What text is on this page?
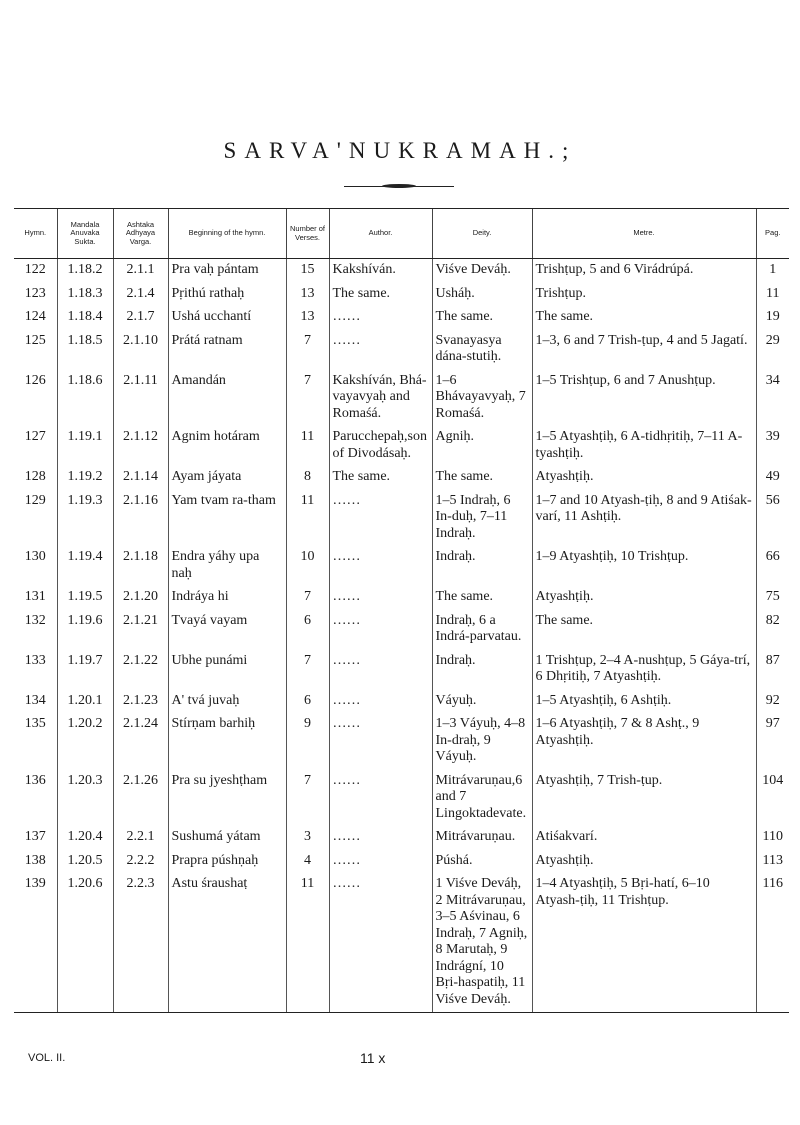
SARVA'NUKRAMAH.;
Hymn.	Mandala Anuvaka Sukta.	Ashtaka Adhyaya Varga.	Beginning of the hymn.	Number of Verses.	Author.	Deity.	Metre.	Pag.
122	1.18.2	2.1.1	Pra vaḥ pántam	15	Kakshíván.	Viśve Deváḥ.	Trishṭup, 5 and 6 Virádrúpá.	1
123	1.18.3	2.1.4	Pṛithú rathaḥ	13	The same.	Usháḥ.	Trishṭup.	11
124	1.18.4	2.1.7	Ushá ucchantí	13	……	The same.	The same.	19
125	1.18.5	2.1.10	Prátá ratnam	7	……	Svanayasya dána-stutiḥ.	1–3, 6 and 7 Trish-ṭup, 4 and 5 Jagatí.	29
126	1.18.6	2.1.11	Amandán	7	Kakshíván, Bhá-vayavyaḥ and Romaśá.	1–6 Bhávayavyaḥ, 7 Romaśá.	1–5 Trishṭup, 6 and 7 Anushṭup.	34
127	1.19.1	2.1.12	Agnim hotáram	11	Parucchepaḥ,son of Divodásaḥ.	Agniḥ.	1–5 Atyashṭiḥ, 6 A-tidhṛitiḥ, 7–11 A-tyashṭiḥ.	39
128	1.19.2	2.1.14	Ayam jáyata	8	The same.	The same.	Atyashṭiḥ.	49
129	1.19.3	2.1.16	Yam tvam ra-tham	11	……	1–5 Indraḥ, 6 In-duḥ, 7–11 Indraḥ.	1–7 and 10 Atyash-ṭiḥ, 8 and 9 Atiśak-varí, 11 Ashṭiḥ.	56
130	1.19.4	2.1.18	Endra yáhy upa naḥ	10	……	Indraḥ.	1–9 Atyashṭiḥ, 10 Trishṭup.	66
131	1.19.5	2.1.20	Indráya hi	7	……	The same.	Atyashṭiḥ.	75
132	1.19.6	2.1.21	Tvayá vayam	6	……	Indraḥ, 6 a Indrá-parvatau.	The same.	82
133	1.19.7	2.1.22	Ubhe punámi	7	……	Indraḥ.	1 Trishṭup, 2–4 A-nushṭup, 5 Gáya-trí, 6 Dhṛitiḥ, 7 Atyashṭiḥ.	87
134	1.20.1	2.1.23	A' tvá juvaḥ	6	……	Váyuḥ.	1–5 Atyashṭiḥ, 6 Ashṭiḥ.	92
135	1.20.2	2.1.24	Stírṇam barhiḥ	9	……	1–3 Váyuḥ, 4–8 In-draḥ, 9 Váyuḥ.	1–6 Atyashṭiḥ, 7 & 8 Ashṭ., 9 Atyashṭiḥ.	97
136	1.20.3	2.1.26	Pra su jyeshṭham	7	……	Mitrávaruṇau,6 and 7 Lingoktadevate.	Atyashṭiḥ, 7 Trish-ṭup.	104
137	1.20.4	2.2.1	Sushumá yátam	3	……	Mitrávaruṇau.	Atiśakvarí.	110
138	1.20.5	2.2.2	Prapra púshṇaḥ	4	……	Púshá.	Atyashṭiḥ.	113
139	1.20.6	2.2.3	Astu śraushaṭ	11	……	1 Viśve Deváḥ, 2 Mitrávaruṇau, 3–5 Aśvinau, 6 Indraḥ, 7 Agniḥ, 8 Marutaḥ, 9 Indrágní, 10 Bṛi-haspatiḥ, 11 Viśve Deváḥ.	1–4 Atyashṭiḥ, 5 Bṛi-hatí, 6–10 Atyash-ṭiḥ, 11 Trishṭup.	116
VOL. II.	11 x
